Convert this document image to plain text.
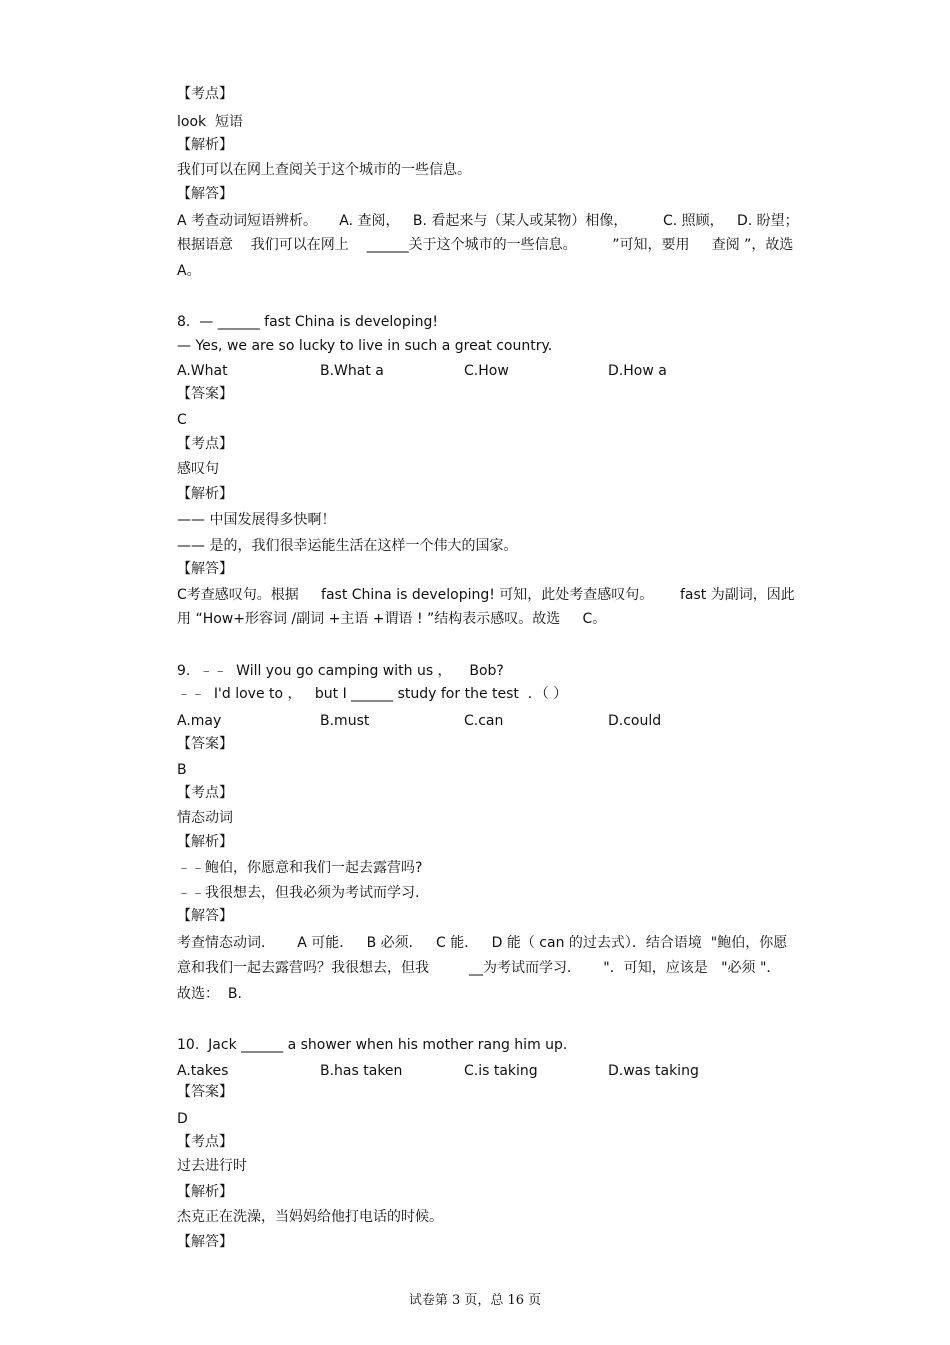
【考点】
look  短语
【解析】
我们可以在网上查阅关于这个城市的一些信息。
【解答】
A 考查动词短语辨析。     A. 查阅，   B. 看起来与（某人或某物）相像，        C. 照顾，   D. 盼望；
根据语意    我们可以在网上    ______关于这个城市的一些信息。        ”可知，要用     查阅 ”，故选
A。
8.  — ______ fast China is developing!
— Yes, we are so lucky to live in such a great country.
A.What	B.What a	C.How	D.How a
【答案】
C
【考点】
感叹句
【解析】
—— 中国发展得多快啊！
—— 是的，我们很幸运能生活在这样一个伟大的国家。
【解答】
C考查感叹句。根据     fast China is developing! 可知，此处考查感叹句。      fast 为副词，因此
用 “How+形容词 /副词 +主语 +谓语 ! ”结构表示感叹。故选     C。
9.  ﹣﹣  Will you go camping with us ，    Bob?
﹣﹣  I'd love to ，   but I ______ study for the test  ．（ ）
A.may	B.must	C.can	D.could
【答案】
B
【考点】
情态动词
【解析】
﹣﹣鲍伯，你愿意和我们一起去露营吗?
﹣﹣我很想去，但我必须为考试而学习.
【解答】
考查情态动词．     A 可能．   B 必须．   C 能．   D 能（ can 的过去式）．结合语境  "鲍伯，你愿
意和我们一起去露营吗？我很想去，但我         __为考试而学习．     "．可知，应该是   "必须 "．
故选：  B.
10.  Jack ______ a shower when his mother rang him up.
A.takes	B.has taken	C.is taking	D.was taking
【答案】
D
【考点】
过去进行时
【解析】
杰克正在洗澡，当妈妈给他打电话的时候。
【解答】
试卷第 3 页，总 16 页
